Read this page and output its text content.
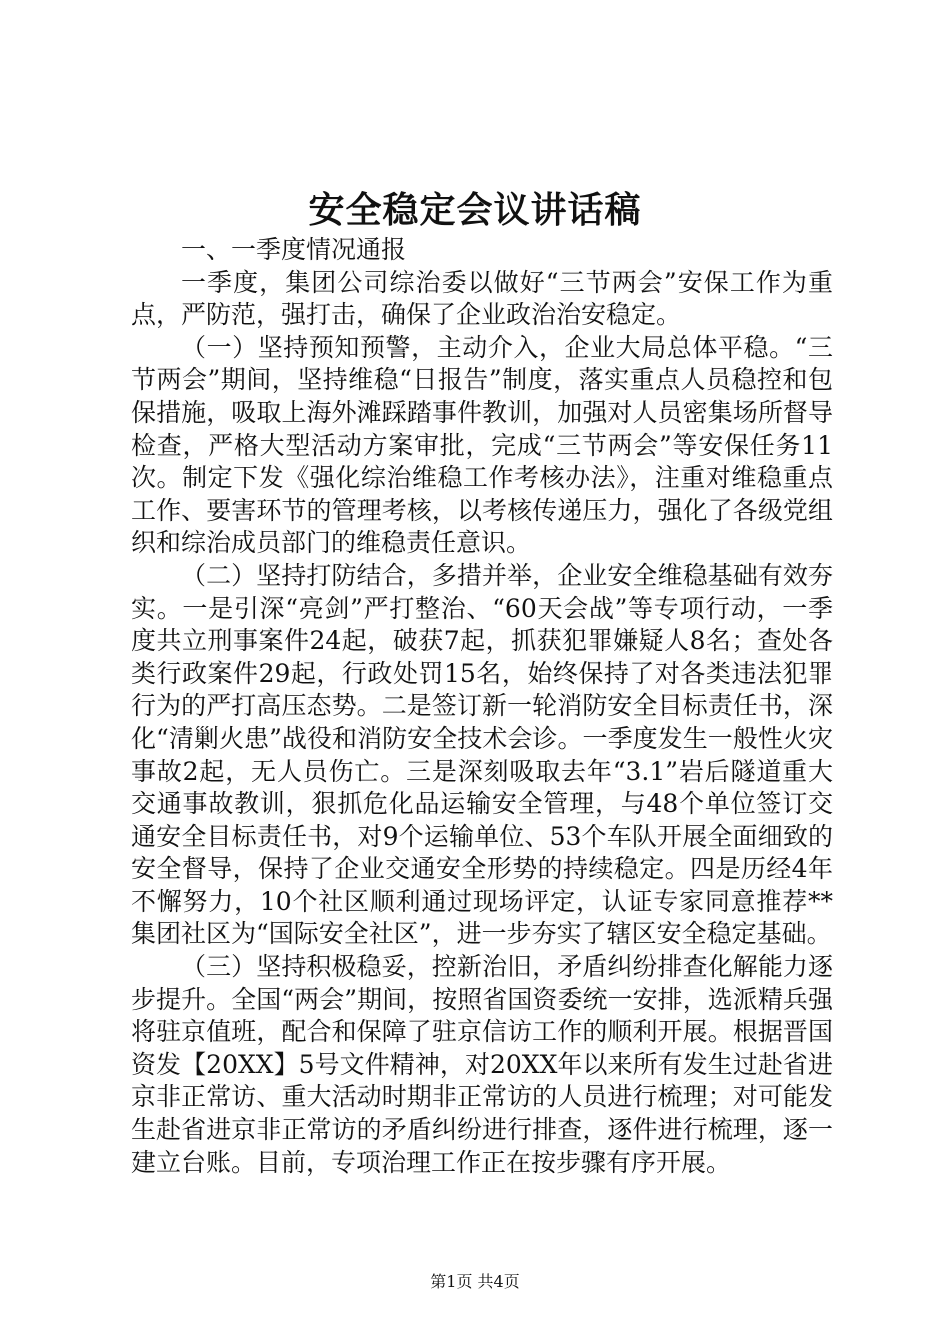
安全稳定会议讲话稿

一、一季度情况通报

一季度，集团公司综治委以做好“三节两会”安保工作为重点，严防范，强打击，确保了企业政治治安稳定。

（一）坚持预知预警，主动介入，企业大局总体平稳。“三节两会”期间，坚持维稳“日报告”制度，落实重点人员稳控和包保措施，吸取上海外滩踩踏事件教训，加强对人员密集场所督导检查，严格大型活动方案审批，完成“三节两会”等安保任务11次。制定下发《强化综治维稳工作考核办法》，注重对维稳重点工作、要害环节的管理考核，以考核传递压力，强化了各级党组织和综治成员部门的维稳责任意识。

（二）坚持打防结合，多措并举，企业安全维稳基础有效夯实。一是引深“亮剑”严打整治、“60天会战”等专项行动，一季度共立刑事案件24起，破获7起，抓获犯罪嫌疑人8名；查处各类行政案件29起，行政处罚15名，始终保持了对各类违法犯罪行为的严打高压态势。二是签订新一轮消防安全目标责任书，深化“清剿火患”战役和消防安全技术会诊。一季度发生一般性火灾事故2起，无人员伤亡。三是深刻吸取去年“3.1”岩后隧道重大交通事故教训，狠抓危化品运输安全管理，与48个单位签订交通安全目标责任书，对9个运输单位、53个车队开展全面细致的安全督导，保持了企业交通安全形势的持续稳定。四是历经4年不懈努力，10个社区顺利通过现场评定，认证专家同意推荐**集团社区为“国际安全社区”，进一步夯实了辖区安全稳定基础。

（三）坚持积极稳妥，控新治旧，矛盾纠纷排查化解能力逐步提升。全国“两会”期间，按照省国资委统一安排，选派精兵强将驻京值班，配合和保障了驻京信访工作的顺利开展。根据晋国资发【20XX】5号文件精神，对20XX年以来所有发生过赴省进京非正常访、重大活动时期非正常访的人员进行梳理；对可能发生赴省进京非正常访的矛盾纠纷进行排查，逐件进行梳理，逐一建立台账。目前，专项治理工作正在按步骤有序开展。

第1页 共4页
